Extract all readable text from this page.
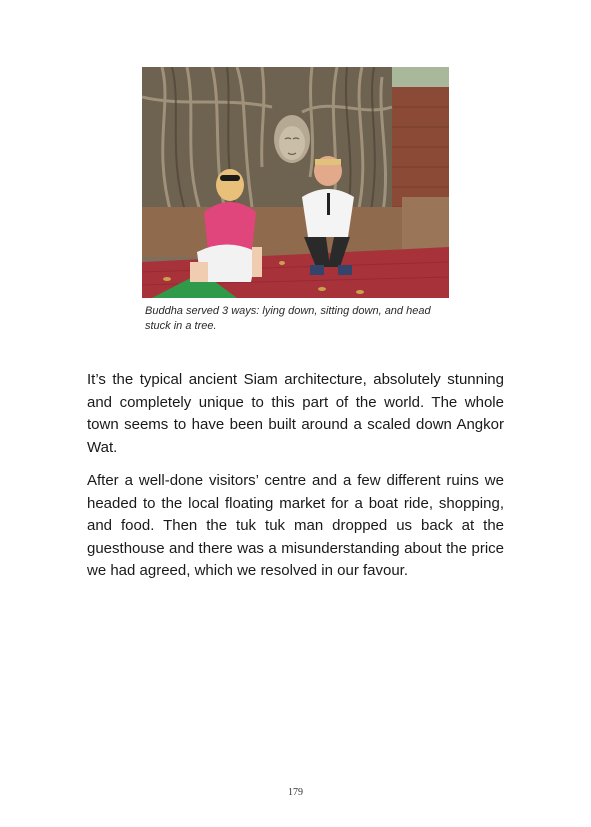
Buddha served 3 ways: lying down, sitting down, and head stuck in a tree.

It’s the typical ancient Siam architecture, absolutely stunning and completely unique to this part of the world. The whole town seems to have been built around a scaled down Angkor Wat.

After a well-done visitors’ centre and a few different ruins we headed to the local floating market for a boat ride, shopping, and food. Then the tuk tuk man dropped us back at the guesthouse and there was a misunderstanding about the price we had agreed, which we resolved in our favour.

179
